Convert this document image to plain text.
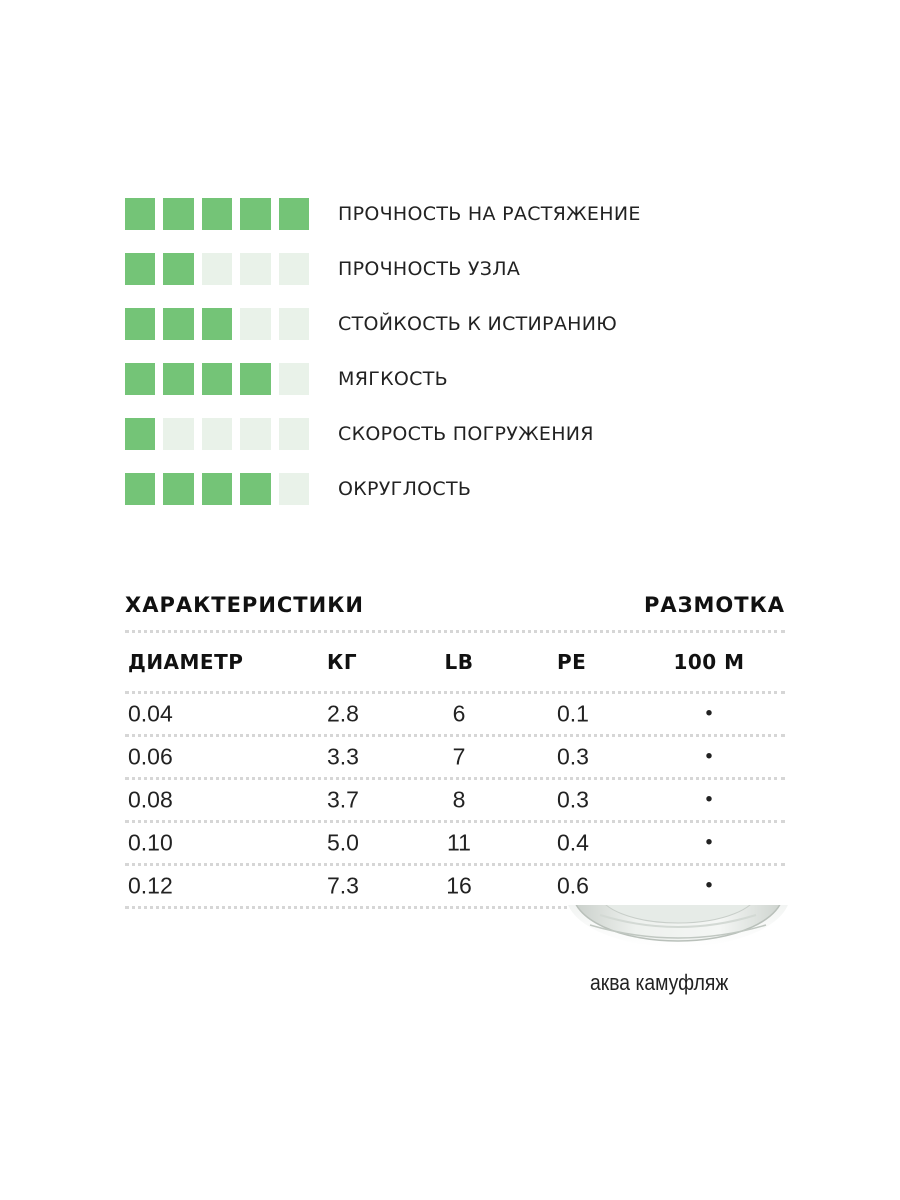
ПРОЧНОСТЬ НА РАСТЯЖЕНИЕ
ПРОЧНОСТЬ УЗЛА
СТОЙКОСТЬ К ИСТИРАНИЮ
МЯГКОСТЬ
СКОРОСТЬ ПОГРУЖЕНИЯ
ОКРУГЛОСТЬ
ХАРАКТЕРИСТИКИ	РАЗМОТКА
ДИАМЕТР	КГ	LB	PE	100 М
0.04	2.8	6	0.1	•
0.06	3.3	7	0.3	•
0.08	3.7	8	0.3	•
0.10	5.0	11	0.4	•
0.12	7.3	16	0.6	•
аква камуфляж
